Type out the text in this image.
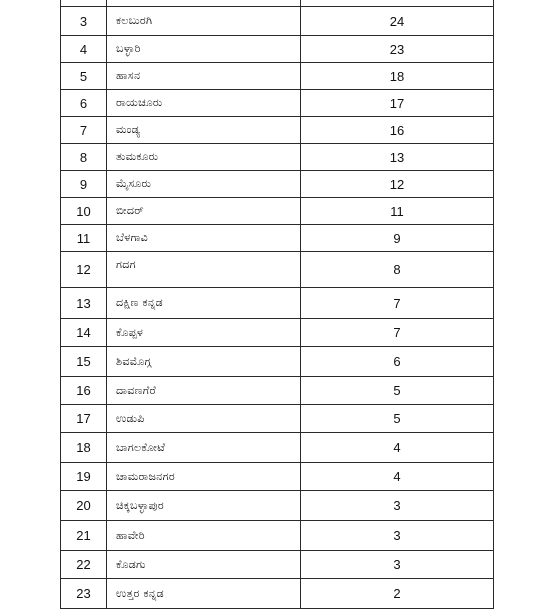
3	ಕಲಬುರಗಿ	24
4	ಬಳ್ಳಾರಿ	23
5	ಹಾಸನ	18
6	ರಾಯಚೂರು	17
7	ಮಂಡ್ಯ	16
8	ತುಮಕೂರು	13
9	ಮೈಸೂರು	12
10	ಬೀದರ್	11
11	ಬೆಳಗಾವಿ	9
12	ಗದಗ	8
13	ದಕ್ಷಿಣ ಕನ್ನಡ	7
14	ಕೊಪ್ಪಳ	7
15	ಶಿವಮೊಗ್ಗ	6
16	ದಾವಣಗೆರೆ	5
17	ಉಡುಪಿ	5
18	ಬಾಗಲಕೋಟೆ	4
19	ಚಾಮರಾಜನಗರ	4
20	ಚಿಕ್ಕಬಳ್ಳಾಪುರ	3
21	ಹಾವೇರಿ	3
22	ಕೊಡಗು	3
23	ಉತ್ತರ ಕನ್ನಡ	2
